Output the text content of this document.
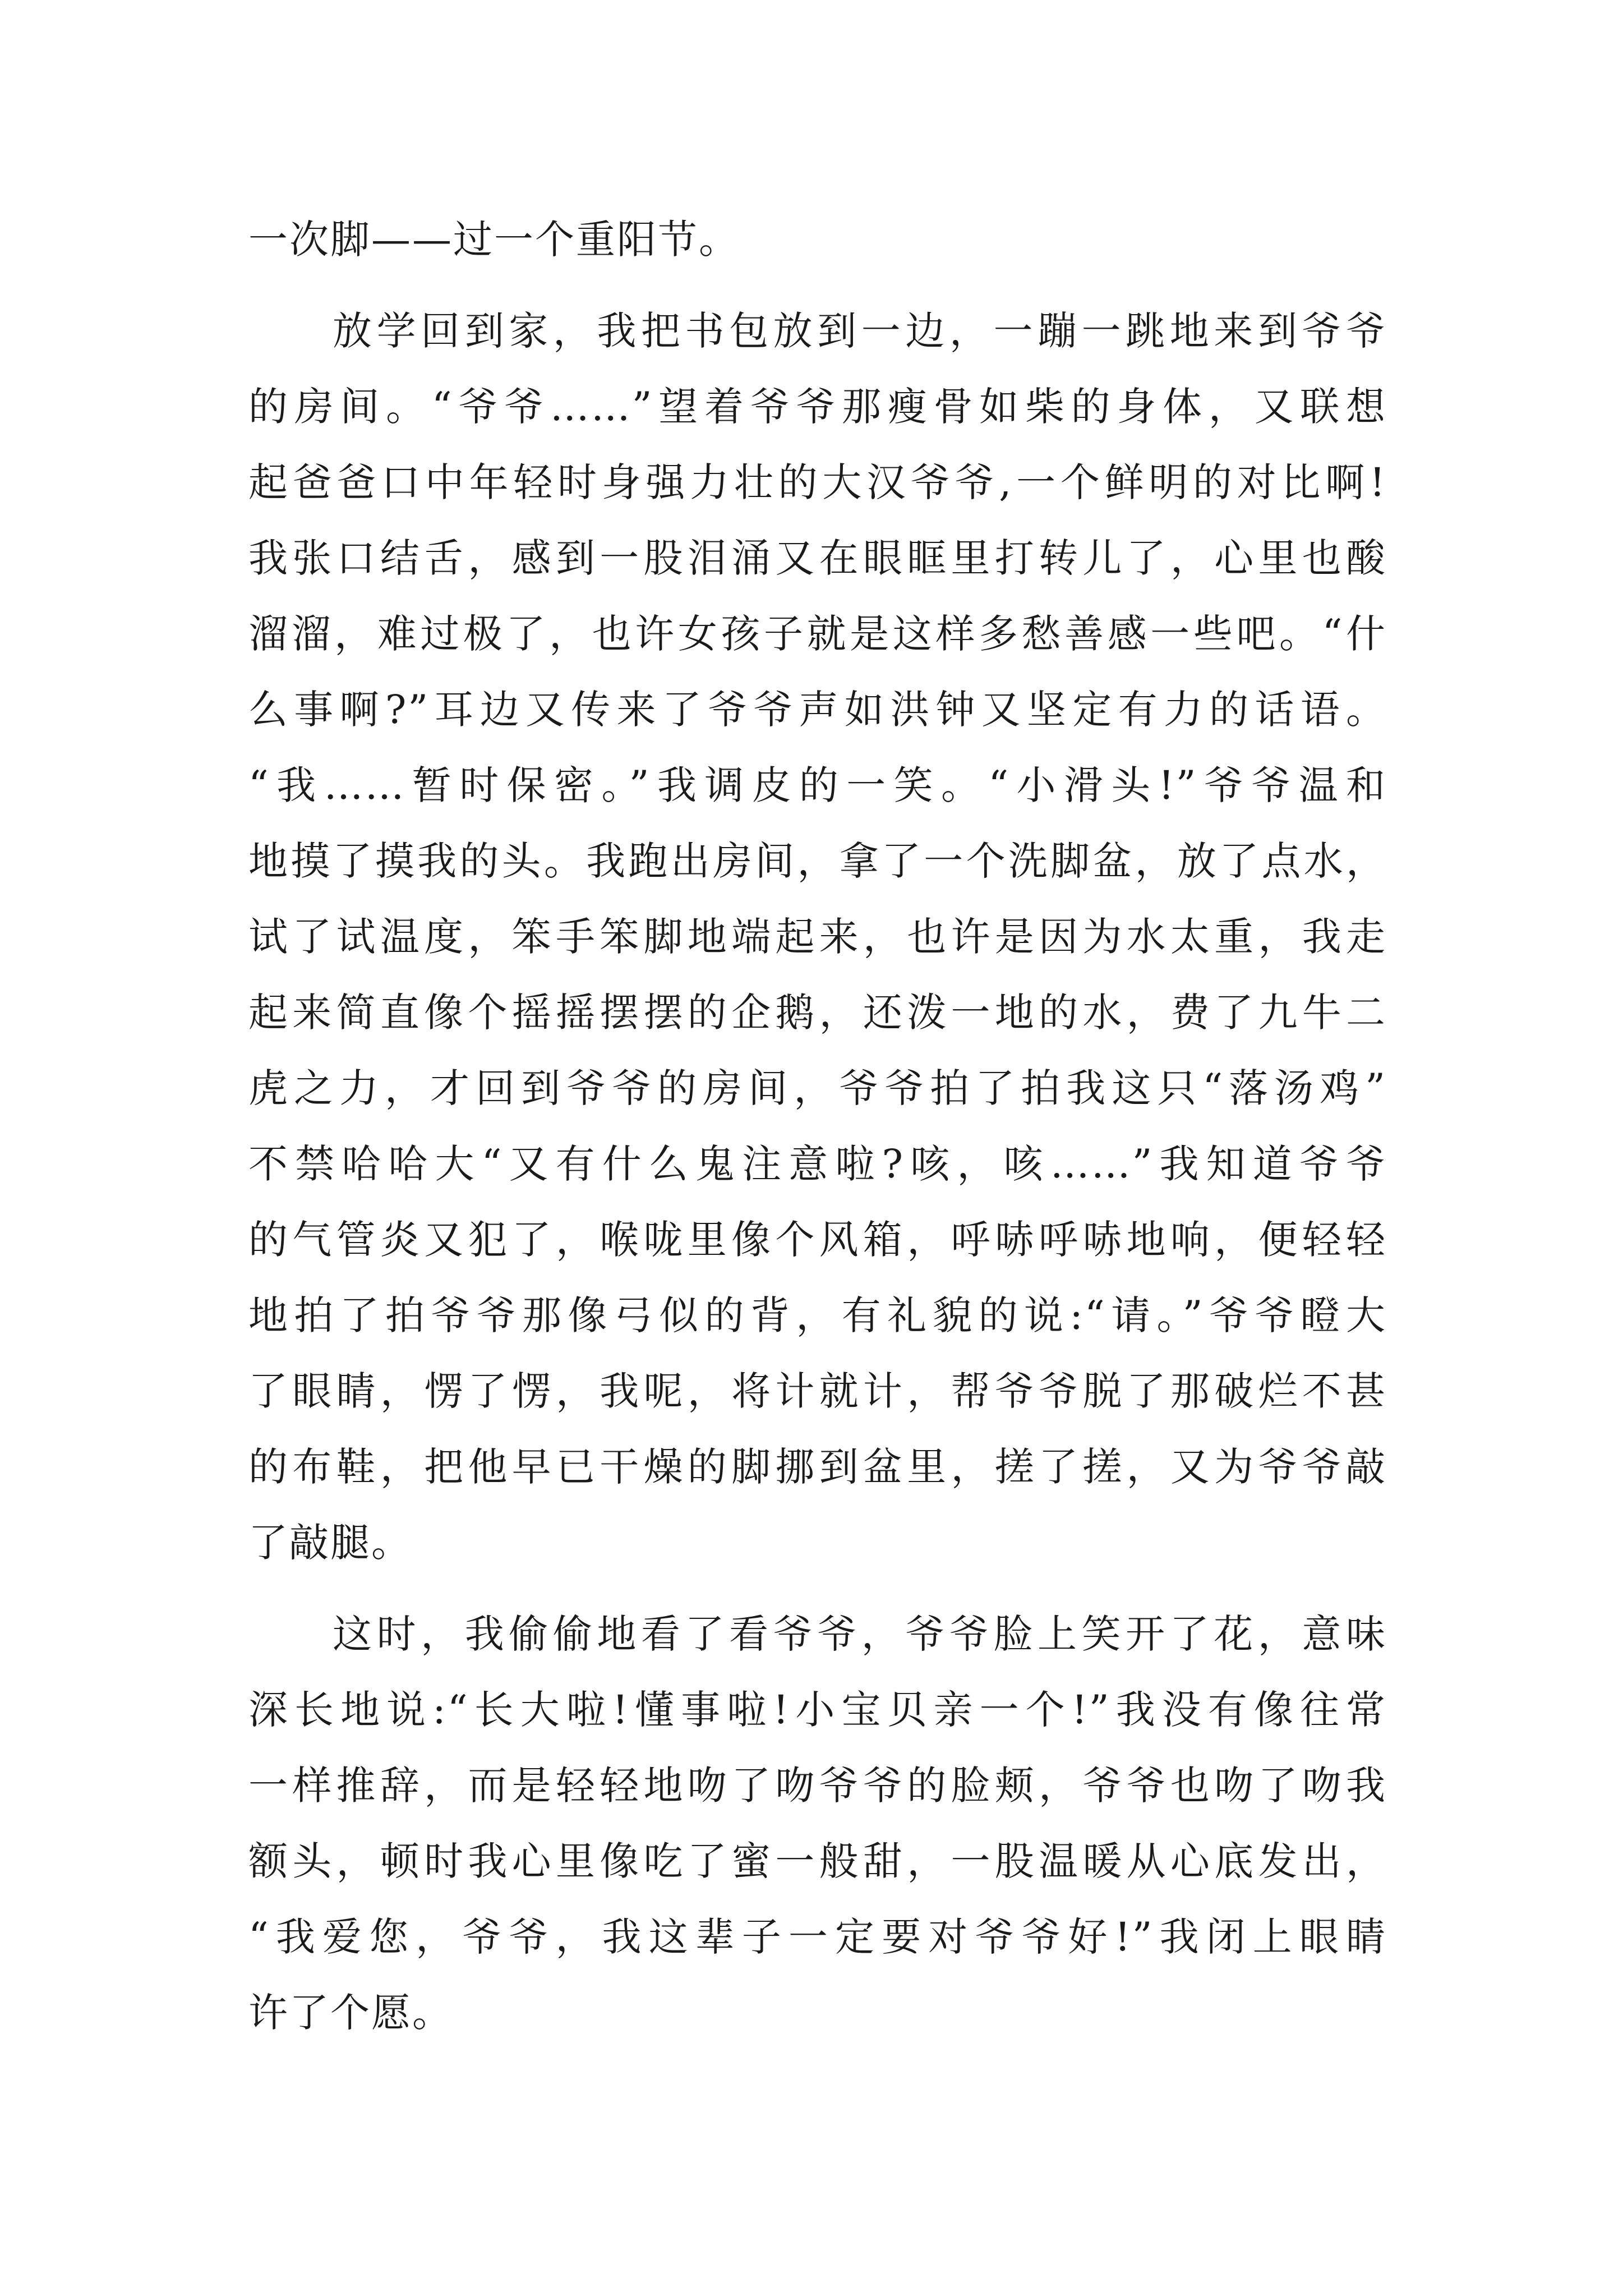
一次脚——过一个重阳节。
放学回到家，我把书包放到一边，一蹦一跳地来到爷爷
的房间。“爷爷……”望着爷爷那瘦骨如柴的身体，又联想
起爸爸口中年轻时身强力壮的大汉爷爷,一个鲜明的对比啊!
我张口结舌，感到一股泪涌又在眼眶里打转儿了，心里也酸
溜溜，难过极了，也许女孩子就是这样多愁善感一些吧。“什
么事啊?”耳边又传来了爷爷声如洪钟又坚定有力的话语。
“我……暂时保密。”我调皮的一笑。“小滑头!”爷爷温和
地摸了摸我的头。我跑出房间，拿了一个洗脚盆，放了点水，
试了试温度，笨手笨脚地端起来，也许是因为水太重，我走
起来简直像个摇摇摆摆的企鹅，还泼一地的水，费了九牛二
虎之力，才回到爷爷的房间，爷爷拍了拍我这只“落汤鸡”
不禁哈哈大“又有什么鬼注意啦?咳，咳……”我知道爷爷
的气管炎又犯了，喉咙里像个风箱，呼哧呼哧地响，便轻轻
地拍了拍爷爷那像弓似的背，有礼貌的说:“请。”爷爷瞪大
了眼睛，愣了愣，我呢，将计就计，帮爷爷脱了那破烂不甚
的布鞋，把他早已干燥的脚挪到盆里，搓了搓，又为爷爷敲
了敲腿。
这时，我偷偷地看了看爷爷，爷爷脸上笑开了花，意味
深长地说:“长大啦!懂事啦!小宝贝亲一个!”我没有像往常
一样推辞，而是轻轻地吻了吻爷爷的脸颊，爷爷也吻了吻我
额头，顿时我心里像吃了蜜一般甜，一股温暖从心底发出，
“我爱您，爷爷，我这辈子一定要对爷爷好!”我闭上眼睛
许了个愿。
